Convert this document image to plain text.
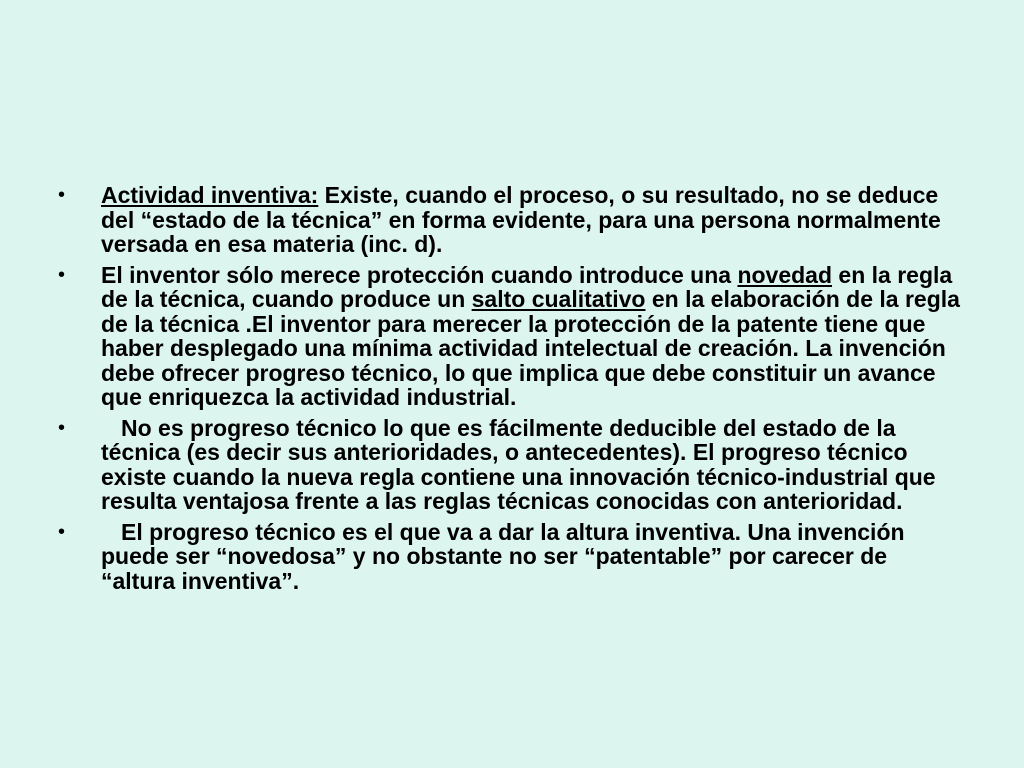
• Actividad inventiva: Existe, cuando el proceso, o su resultado, no se deduce del “estado de la técnica” en forma evidente, para una persona normalmente versada en esa materia (inc. d).
• El inventor sólo merece protección cuando introduce una novedad en la regla de la técnica, cuando produce un salto cualitativo en la elaboración de la regla de la técnica .El inventor para merecer la protección de la patente tiene que haber desplegado una mínima actividad intelectual de creación. La invención debe ofrecer progreso técnico, lo que implica que debe constituir un avance que enriquezca la actividad industrial.
• No es progreso técnico lo que es fácilmente deducible del estado de la técnica (es decir sus anterioridades, o antecedentes). El progreso técnico existe cuando la nueva regla contiene una innovación técnico-industrial que resulta ventajosa frente a las reglas técnicas conocidas con anterioridad.
• El progreso técnico es el que va a dar la altura inventiva. Una invención puede ser “novedosa” y no obstante no ser “patentable” por carecer de “altura inventiva”.
